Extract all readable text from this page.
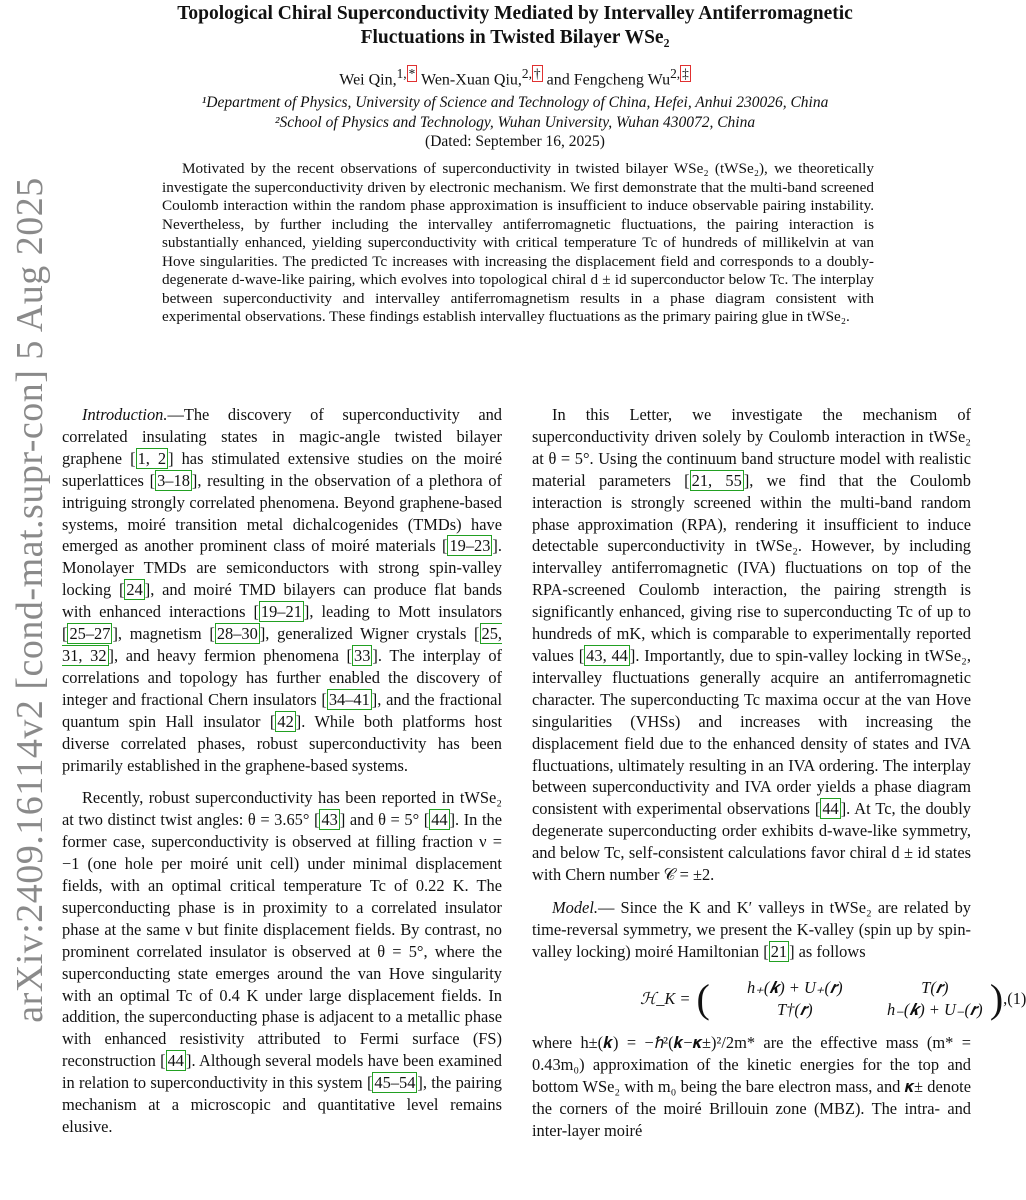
arXiv:2409.16114v2 [cond-mat.supr-con] 5 Aug 2025
Topological Chiral Superconductivity Mediated by Intervalley Antiferromagnetic
Fluctuations in Twisted Bilayer WSe₂
Wei Qin,$^{1,}$ * Wen-Xuan Qiu,$^{2,}$ † and Fengcheng $Wu^{2,}$ ‡
¹Department of Physics, University of Science and Technology of China, Hefei, Anhui 230026, China
²School of Physics and Technology, Wuhan University, Wuhan 430072, China
(Dated: September 16, 2025)

Motivated by the recent observations of superconductivity in twisted bilayer WSe₂ (tWSe₂), we theoretically investigate the superconductivity driven by electronic mechanism. We first demonstrate that the multi-band screened Coulomb interaction within the random phase approximation is insufficient to induce observable pairing instability. Nevertheless, by further including the intervalley antiferromagnetic fluctuations, the pairing interaction is substantially enhanced, yielding superconductivity with critical temperature Tc of hundreds of millikelvin at van Hove singularities. The predicted Tc increases with increasing the displacement field and corresponds to a doubly-degenerate d-wave-like pairing, which evolves into topological chiral d ± id superconductor below Tc. The interplay between superconductivity and intervalley antiferromagnetism results in a phase diagram consistent with experimental observations. These findings establish intervalley fluctuations as the primary pairing glue in tWSe₂.

Introduction.—The discovery of superconductivity and correlated insulating states in magic-angle twisted bilayer graphene [ 1, 2 ] has stimulated extensive studies on the moiré superlattices [ 3–18 ], resulting in the observation of a plethora of intriguing strongly correlated phenomena. Beyond graphene-based systems, moiré transition metal dichalcogenides (TMDs) have emerged as another prominent class of moiré materials [ 19–23 ]. Monolayer TMDs are semiconductors with strong spin-valley locking [ 24 ], and moiré TMD bilayers can produce flat bands with enhanced interactions [ 19–21 ], leading to Mott insulators [ 25–27 ], magnetism [ 28–30 ], generalized Wigner crystals [ 25, 31, 32 ], and heavy fermion phenomena [ 33 ]. The interplay of correlations and topology has further enabled the discovery of integer and fractional Chern insulators [ 34–41 ], and the fractional quantum spin Hall insulator [ 42 ]. While both platforms host diverse correlated phases, robust superconductivity has been primarily established in the graphene-based systems.

Recently, robust superconductivity has been reported in tWSe₂ at two distinct twist angles: θ = 3.65° [ 43 ] and θ = 5° [ 44 ]. In the former case, superconductivity is observed at filling fraction ν = −1 (one hole per moiré unit cell) under minimal displacement fields, with an optimal critical temperature Tc of 0.22 K. The superconducting phase is in proximity to a correlated insulator phase at the same ν but finite displacement fields. By contrast, no prominent correlated insulator is observed at θ = 5°, where the superconducting state emerges around the van Hove singularity with an optimal Tc of 0.4 K under large displacement fields. In addition, the superconducting phase is adjacent to a metallic phase with enhanced resistivity attributed to Fermi surface (FS) reconstruction [ 44 ]. Although several models have been examined in relation to superconductivity in this system [ 45–54 ], the pairing mechanism at a microscopic and quantitative level remains elusive.

In this Letter, we investigate the mechanism of superconductivity driven solely by Coulomb interaction in tWSe₂ at θ = 5°. Using the continuum band structure model with realistic material parameters [ 21, 55 ], we find that the Coulomb interaction is strongly screened within the multi-band random phase approximation (RPA), rendering it insufficient to induce detectable superconductivity in tWSe₂. However, by including intervalley antiferromagnetic (IVA) fluctuations on top of the RPA-screened Coulomb interaction, the pairing strength is significantly enhanced, giving rise to superconducting Tc of up to hundreds of mK, which is comparable to experimentally reported values [ 43, 44 ]. Importantly, due to spin-valley locking in tWSe₂, intervalley fluctuations generally acquire an antiferromagnetic character. The superconducting Tc maxima occur at the van Hove singularities (VHSs) and increases with increasing the displacement field due to the enhanced density of states and IVA fluctuations, ultimately resulting in an IVA ordering. The interplay between superconductivity and IVA order yields a phase diagram consistent with experimental observations [ 44 ]. At Tc, the doubly degenerate superconducting order exhibits d-wave-like symmetry, and below Tc, self-consistent calculations favor chiral d ± id states with Chern number 𝒞 = ±2.

Model.— Since the K and K′ valleys in tWSe₂ are related by time-reversal symmetry, we present the K-valley (spin up by spin-valley locking) moiré Hamiltonian [ 21 ] as follows

ℋ_K = (	h₊(𝒌) + U₊(𝒓)	T(𝒓)
T†(𝒓)	h₋(𝒌) + U₋(𝒓) ) , (1)

where h±(𝒌) = −ℏ²(𝒌−𝜿±)²/2m* are the effective mass (m* = 0.43m₀) approximation of the kinetic energies for the top and bottom WSe₂ with m₀ being the bare electron mass, and 𝜿± denote the corners of the moiré Brillouin zone (MBZ). The intra- and inter-layer moiré
